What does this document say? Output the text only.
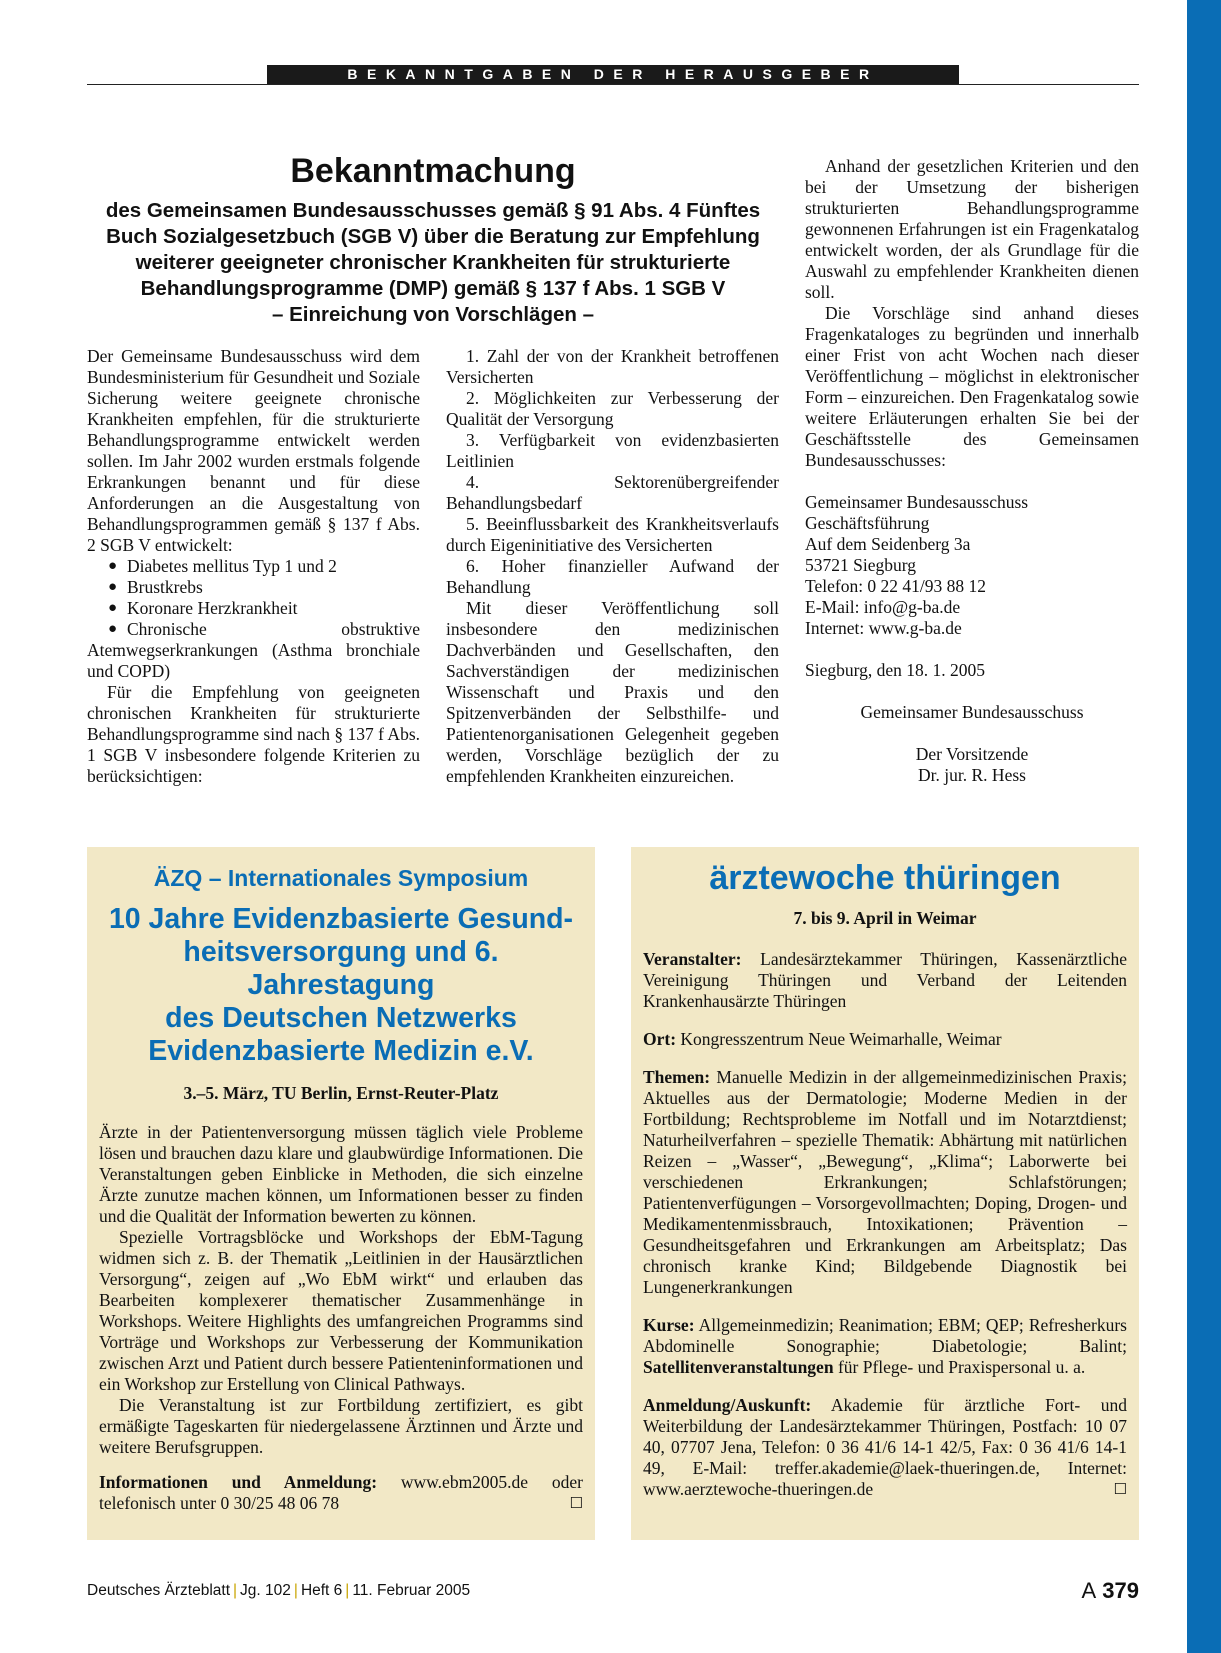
BEKANNTGABEN DER HERAUSGEBER
Bekanntmachung

des Gemeinsamen Bundesausschusses gemäß § 91 Abs. 4 Fünftes

Buch Sozialgesetzbuch (SGB V) über die Beratung zur Empfehlung

weiterer geeigneter chronischer Krankheiten für strukturierte

Behandlungsprogramme (DMP) gemäß § 137 f Abs. 1 SGB V

– Einreichung von Vorschlägen –

Der Gemeinsame Bundesausschuss wird dem Bundesministerium für Gesundheit und Soziale Sicherung weitere geeignete chronische Krankheiten empfehlen, für die strukturierte Behandlungsprogramme entwickelt werden sollen. Im Jahr 2002 wurden erstmals folgende Erkrankungen benannt und für diese Anforderungen an die Ausgestaltung von Behandlungsprogrammen gemäß § 137 f Abs. 2 SGB V entwickelt:

● Diabetes mellitus Typ 1 und 2
● Brustkrebs
● Koronare Herzkrankheit
● Chronische obstruktive Atemwegserkrankungen (Asthma bronchiale und COPD)

Für die Empfehlung von geeigneten chronischen Krankheiten für strukturierte Behandlungsprogramme sind nach § 137 f Abs. 1 SGB V insbesondere folgende Kriterien zu berücksichtigen:

1. Zahl der von der Krankheit betroffenen Versicherten
2. Möglichkeiten zur Verbesserung der Qualität der Versorgung
3. Verfügbarkeit von evidenzbasierten Leitlinien
4. Sektorenübergreifender Behandlungsbedarf
5. Beeinflussbarkeit des Krankheitsverlaufs durch Eigeninitiative des Versicherten
6. Hoher finanzieller Aufwand der Behandlung

Mit dieser Veröffentlichung soll insbesondere den medizinischen Dachverbänden und Gesellschaften, den Sachverständigen der medizinischen Wissenschaft und Praxis und den Spitzenverbänden der Selbsthilfe- und Patientenorganisationen Gelegenheit gegeben werden, Vorschläge bezüglich der zu empfehlenden Krankheiten einzureichen.

Anhand der gesetzlichen Kriterien und den bei der Umsetzung der bisherigen strukturierten Behandlungsprogramme gewonnenen Erfahrungen ist ein Fragenkatalog entwickelt worden, der als Grundlage für die Auswahl zu empfehlender Krankheiten dienen soll.

Die Vorschläge sind anhand dieses Fragenkataloges zu begründen und innerhalb einer Frist von acht Wochen nach dieser Veröffentlichung – möglichst in elektronischer Form – einzureichen. Den Fragenkatalog sowie weitere Erläuterungen erhalten Sie bei der Geschäftsstelle des Gemeinsamen Bundesausschusses:

Gemeinsamer Bundesausschuss

Geschäftsführung

Auf dem Seidenberg 3a

53721 Siegburg

Telefon: 0 22 41/93 88 12

E-Mail: info@g-ba.de

Internet: www.g-ba.de

Siegburg, den 18. 1. 2005

Gemeinsamer Bundesausschuss

Der Vorsitzende

Dr. jur. R. Hess

ÄZQ – Internationales Symposium

10 Jahre Evidenzbasierte Gesund-

heitsversorgung und 6. Jahrestagung

des Deutschen Netzwerks

Evidenzbasierte Medizin e.V.

3.–5. März, TU Berlin, Ernst-Reuter-Platz

Ärzte in der Patientenversorgung müssen täglich viele Probleme lösen und brauchen dazu klare und glaubwürdige Informationen. Die Veranstaltungen geben Einblicke in Methoden, die sich einzelne Ärzte zunutze machen können, um Informationen besser zu finden und die Qualität der Information bewerten zu können.

Spezielle Vortragsblöcke und Workshops der EbM-Tagung widmen sich z. B. der Thematik „Leitlinien in der Hausärztlichen Versorgung“, zeigen auf „Wo EbM wirkt“ und erlauben das Bearbeiten komplexerer thematischer Zusammenhänge in Workshops. Weitere Highlights des umfangreichen Programms sind Vorträge und Workshops zur Verbesserung der Kommunikation zwischen Arzt und Patient durch bessere Patienteninformationen und ein Workshop zur Erstellung von Clinical Pathways.

Die Veranstaltung ist zur Fortbildung zertifiziert, es gibt ermäßigte Tageskarten für niedergelassene Ärztinnen und Ärzte und weitere Berufsgruppen.

Informationen und Anmeldung: www.ebm2005.de oder telefonisch unter 0 30/25 48 06 78	☐

ärztewoche thüringen
7. bis 9. April in Weimar

Veranstalter: Landesärztekammer Thüringen, Kassenärztliche Vereinigung Thüringen und Verband der Leitenden Krankenhausärzte Thüringen

Ort: Kongresszentrum Neue Weimarhalle, Weimar

Themen: Manuelle Medizin in der allgemeinmedizinischen Praxis; Aktuelles aus der Dermatologie; Moderne Medien in der Fortbildung; Rechtsprobleme im Notfall und im Notarztdienst; Naturheilverfahren – spezielle Thematik: Abhärtung mit natürlichen Reizen – „Wasser“, „Bewegung“, „Klima“; Laborwerte bei verschiedenen Erkrankungen; Schlafstörungen; Patientenverfügungen – Vorsorgevollmachten; Doping, Drogen- und Medikamentenmissbrauch, Intoxikationen; Prävention – Gesundheitsgefahren und Erkrankungen am Arbeitsplatz; Das chronisch kranke Kind; Bildgebende Diagnostik bei Lungenerkrankungen

Kurse: Allgemeinmedizin; Reanimation; EBM; QEP; Refresherkurs Abdominelle Sonographie; Diabetologie; Balint; Satellitenveranstaltungen für Pflege- und Praxispersonal u. a.

Anmeldung/Auskunft: Akademie für ärztliche Fort- und Weiterbildung der Landesärztekammer Thüringen, Postfach: 10 07 40, 07707 Jena, Telefon: 0 36 41/6 14-1 42/5, Fax: 0 36 41/6 14-1 49, E-Mail: treffer.akademie@laek-thueringen.de, Internet: www.aerztewoche-thueringen.de	☐

Deutsches Ärzteblatt | Jg. 102 | Heft 6 | 11. Februar 2005	A 379
